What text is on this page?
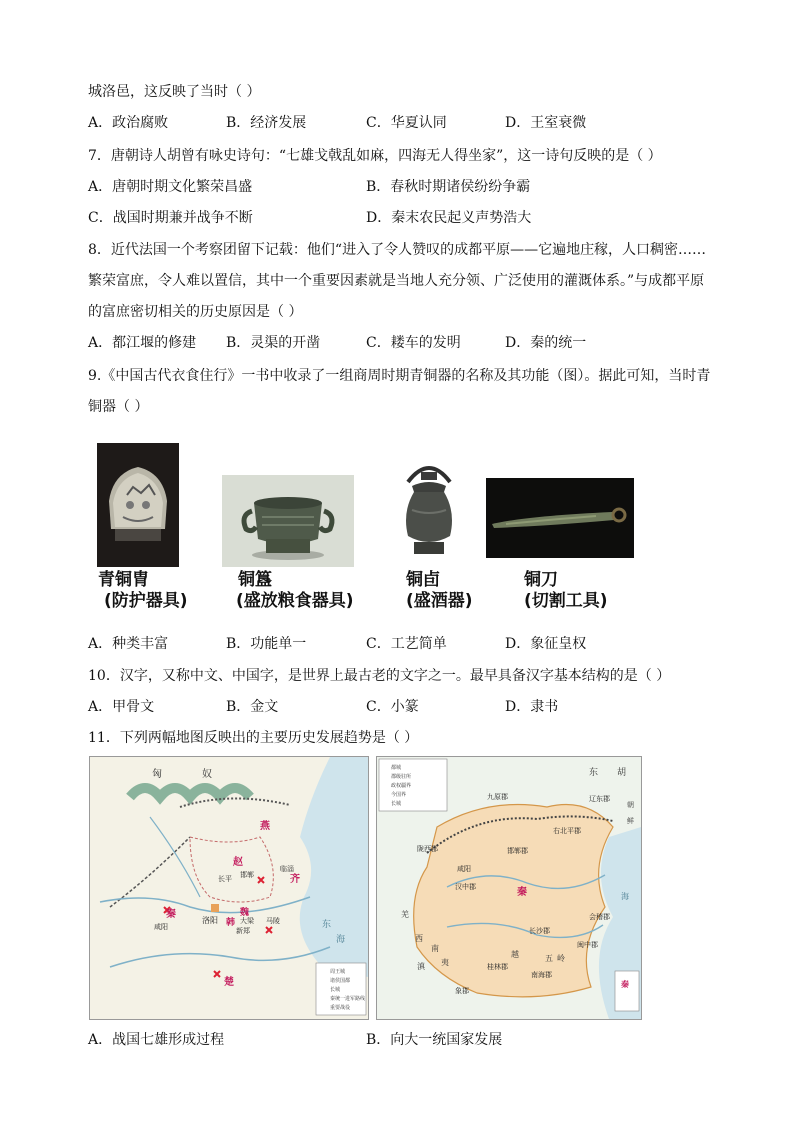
城洛邑，这反映了当时（ ）
A．政治腐败	B．经济发展	C．华夏认同	D．王室衰微
7．唐朝诗人胡曾有咏史诗句：“七雄戈戟乱如麻，四海无人得坐家”，这一诗句反映的是（ ）
A．唐朝时期文化繁荣昌盛	B．春秋时期诸侯纷纷争霸
C．战国时期兼并战争不断	D．秦末农民起义声势浩大
8．近代法国一个考察团留下记载：他们“进入了令人赞叹的成都平原——它遍地庄稼，人口稠密……
繁荣富庶，令人难以置信，其中一个重要因素就是当地人充分领、广泛使用的灌溉体系。”与成都平原
的富庶密切相关的历史原因是（ ）
A．都江堰的修建 B．灵渠的开凿	C．耧车的发明	D．秦的统一
9.《中国古代衣食住行》一书中收录了一组商周时期青铜器的名称及其功能（图）。据此可知，当时青
铜器（ ）
青铜胄
(防护器具)
铜簋
(盛放粮食器具)
铜卣
(盛酒器)
铜刀
(切割工具)
A．种类丰富	B．功能单一	C．工艺简单	D．象征皇权
10．汉字，又称中文、中国字，是世界上最古老的文字之一。最早具备汉字基本结构的是（ ）
A．甲骨文	B．金文	C．小篆	D．隶书
11．下列两幅地图反映出的主要历史发展趋势是（ ）
匈	奴
燕
赵
齐
秦	魏
韩
楚
洛阳
咸阳
长平 邯郸
临淄
大梁 马陵
新郑
东
海
周王城
诸侯国都
长城
秦统一进军路线
重要战役
都城
郡级驻所
政权疆界
今国界
长城
东 胡
九原郡	辽东郡
陇西郡
右北平郡
咸阳
邯郸郡
汉中郡	秦
羌	会稽郡
长沙郡
闽中郡
桂林郡
南海郡
象郡
西
南
夷
滇
越	五 岭
朝
鲜
海
秦
A．战国七雄形成过程	B．向大一统国家发展
